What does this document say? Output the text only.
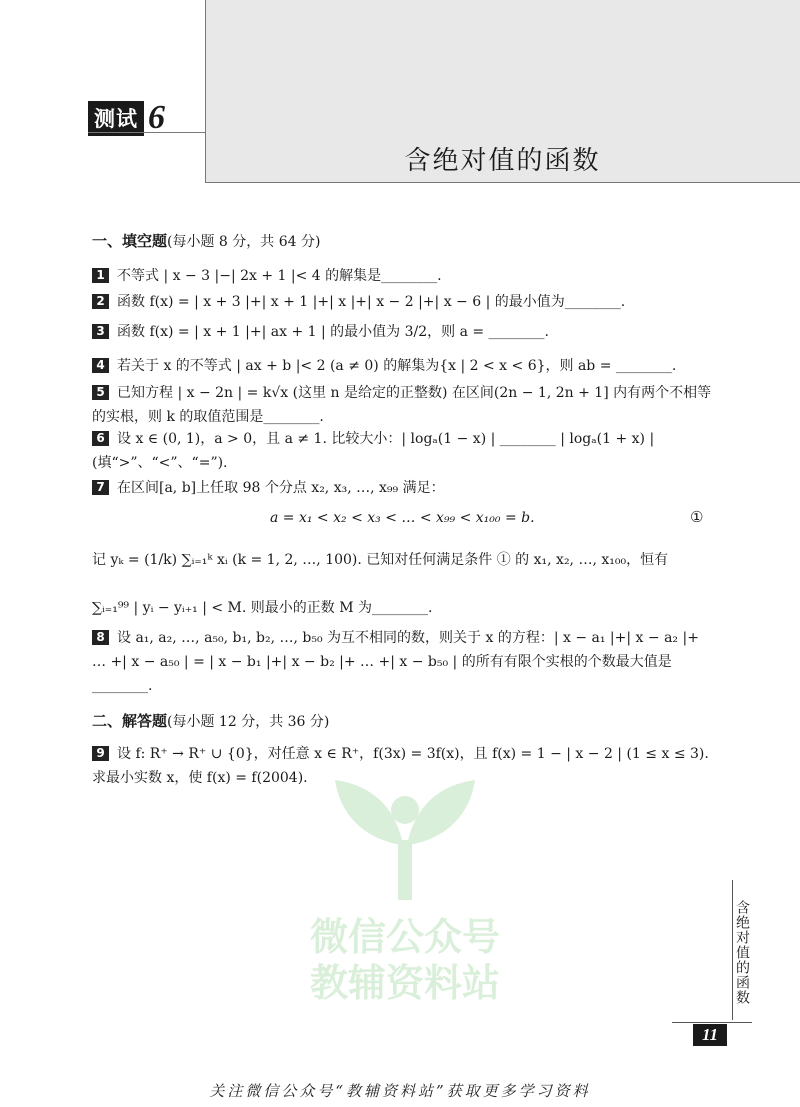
测试 6
含绝对值的函数
微信公众号
教辅资料站
一、填空题(每小题 8 分，共 64 分)
1 不等式 | x − 3 |−| 2x + 1 |< 4 的解集是________.
2 函数 f(x) = | x + 3 |+| x + 1 |+| x |+| x − 2 |+| x − 6 | 的最小值为________.
3 函数 f(x) = | x + 1 |+| ax + 1 | 的最小值为 3/2，则 a = ________.
4 若关于 x 的不等式 | ax + b |< 2 (a ≠ 0) 的解集为{x | 2 < x < 6}，则 ab = ________.
5 已知方程 | x − 2n | = k√x (这里 n 是给定的正整数) 在区间(2n − 1, 2n + 1] 内有两个不相等的实根，则 k 的取值范围是________.
6 设 x ∈ (0, 1)，a > 0，且 a ≠ 1. 比较大小：| logₐ(1 − x) | ________ | logₐ(1 + x) | (填“>”、“<”、“=”).
7 在区间[a, b]上任取 98 个分点 x₂, x₃, …, x₉₉ 满足：
a = x₁ < x₂ < x₃ < … < x₉₉ < x₁₀₀ = b.	①
记 yₖ = (1/k) ∑ᵢ₌₁ᵏ xᵢ (k = 1, 2, …, 100). 已知对任何满足条件 ① 的 x₁, x₂, …, x₁₀₀，恒有
∑ᵢ₌₁⁹⁹ | yᵢ − yᵢ₊₁ | < M. 则最小的正数 M 为________.
8 设 a₁, a₂, …, a₅₀, b₁, b₂, …, b₅₀ 为互不相同的数，则关于 x 的方程：| x − a₁ |+| x − a₂ |+ … +| x − a₅₀ | = | x − b₁ |+| x − b₂ |+ … +| x − b₅₀ | 的所有有限个实根的个数最大值是________.
二、解答题(每小题 12 分，共 36 分)
9 设 f: R⁺ → R⁺ ∪ {0}，对任意 x ∈ R⁺，f(3x) = 3f(x)，且 f(x) = 1 − | x − 2 | (1 ≤ x ≤ 3). 求最小实数 x，使 f(x) = f(2004).
含绝对值的函数
11
关注微信公众号“教辅资料站”获取更多学习资料
